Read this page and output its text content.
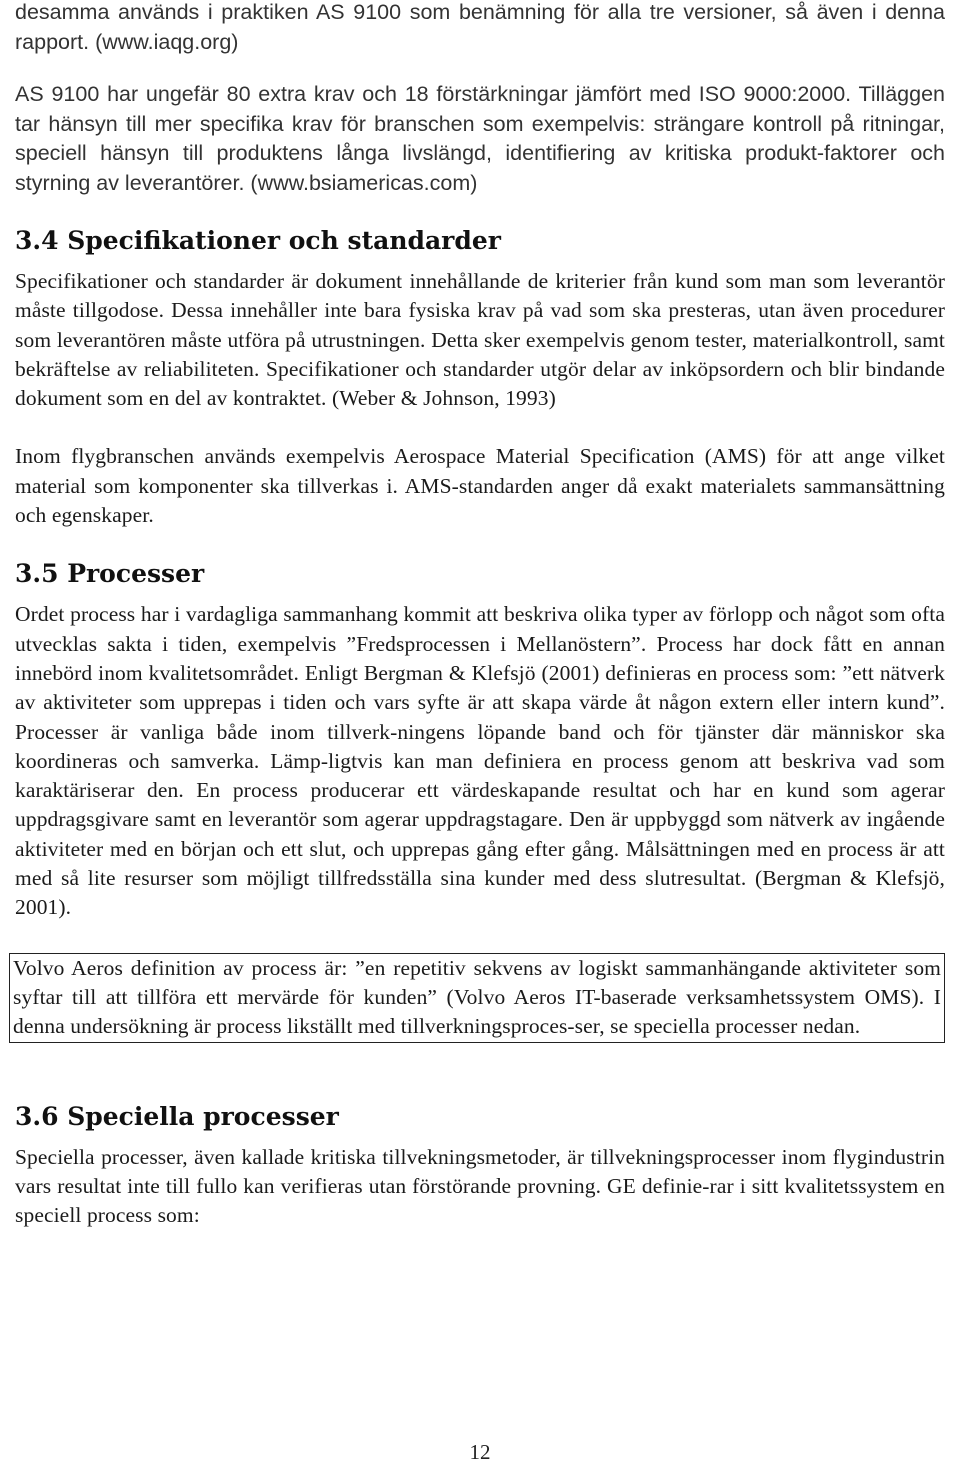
desamma används i praktiken AS 9100 som benämning för alla tre versioner, så även i denna rapport. (www.iaqg.org)

AS 9100 har ungefär 80 extra krav och 18 förstärkningar jämfört med ISO 9000:2000. Tilläggen tar hänsyn till mer specifika krav för branschen som exempelvis: strängare kontroll på ritningar, speciell hänsyn till produktens långa livslängd, identifiering av kritiska produkt-faktorer och styrning av leverantörer. (www.bsiamericas.com)

3.4 Specifikationer och standarder

Specifikationer och standarder är dokument innehållande de kriterier från kund som man som leverantör måste tillgodose. Dessa innehåller inte bara fysiska krav på vad som ska presteras, utan även procedurer som leverantören måste utföra på utrustningen. Detta sker exempelvis genom tester, materialkontroll, samt bekräftelse av reliabiliteten. Specifikationer och standarder utgör delar av inköpsordern och blir bindande dokument som en del av kontraktet. (Weber & Johnson, 1993)

Inom flygbranschen används exempelvis Aerospace Material Specification (AMS) för att ange vilket material som komponenter ska tillverkas i. AMS-standarden anger då exakt materialets sammansättning och egenskaper.

3.5 Processer

Ordet process har i vardagliga sammanhang kommit att beskriva olika typer av förlopp och något som ofta utvecklas sakta i tiden, exempelvis ”Fredsprocessen i Mellanöstern”. Process har dock fått en annan innebörd inom kvalitetsområdet. Enligt Bergman & Klefsjö (2001) definieras en process som: ”ett nätverk av aktiviteter som upprepas i tiden och vars syfte är att skapa värde åt någon extern eller intern kund”. Processer är vanliga både inom tillverk-ningens löpande band och för tjänster där människor ska koordineras och samverka. Lämp-ligtvis kan man definiera en process genom att beskriva vad som karaktäriserar den. En process producerar ett värdeskapande resultat och har en kund som agerar uppdragsgivare samt en leverantör som agerar uppdragstagare. Den är uppbyggd som nätverk av ingående aktiviteter med en början och ett slut, och upprepas gång efter gång. Målsättningen med en process är att med så lite resurser som möjligt tillfredsställa sina kunder med dess slutresultat. (Bergman & Klefsjö, 2001).

Volvo Aeros definition av process är: ”en repetitiv sekvens av logiskt sammanhängande aktiviteter som syftar till att tillföra ett mervärde för kunden” (Volvo Aeros IT-baserade verksamhetssystem OMS). I denna undersökning är process likställt med tillverkningsproces-ser, se speciella processer nedan.

3.6 Speciella processer

Speciella processer, även kallade kritiska tillvekningsmetoder, är tillvekningsprocesser inom flygindustrin vars resultat inte till fullo kan verifieras utan förstörande provning. GE definie-rar i sitt kvalitetssystem en speciell process som:

12
